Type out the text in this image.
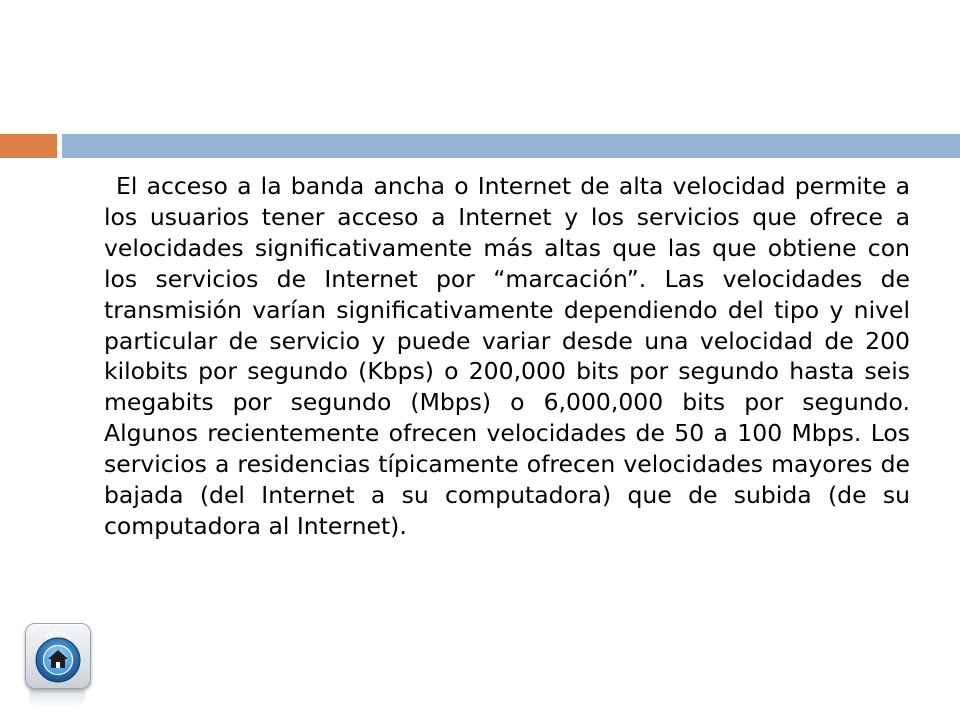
El acceso a la banda ancha o Internet de alta velocidad permite a los usuarios tener acceso a Internet y los servicios que ofrece a velocidades significativamente más altas que las que obtiene con los servicios de Internet por “marcación”. Las velocidades de transmisión varían significativamente dependiendo del tipo y nivel particular de servicio y puede variar desde una velocidad de 200 kilobits por segundo (Kbps) o 200,000 bits por segundo hasta seis megabits por segundo (Mbps) o 6,000,000 bits por segundo. Algunos recientemente ofrecen velocidades de 50 a 100 Mbps. Los servicios a residencias típicamente ofrecen velocidades mayores de bajada (del Internet a su computadora) que de subida (de su computadora al Internet).

Inicio
